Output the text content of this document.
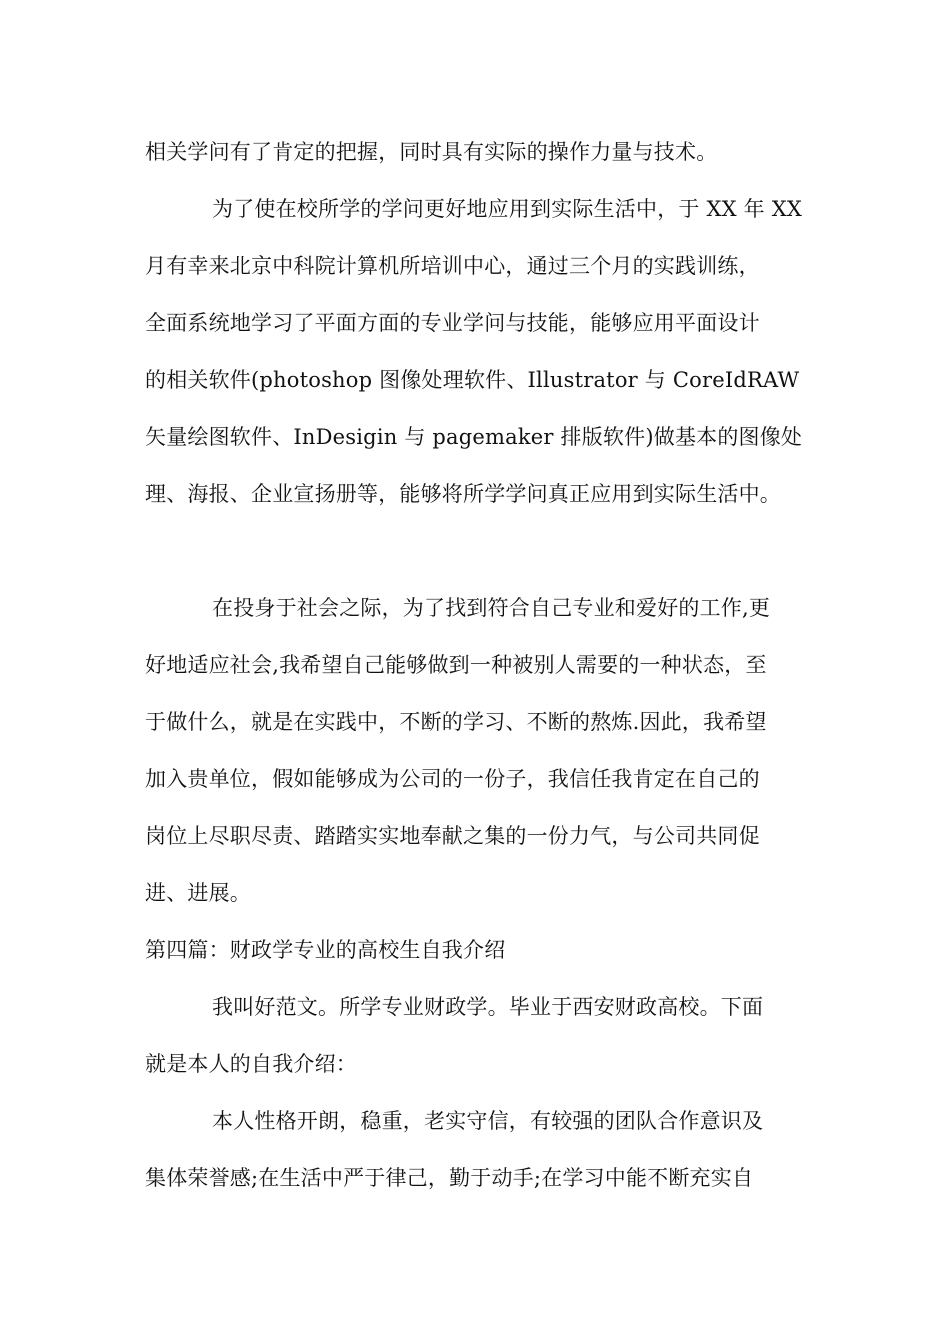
相关学问有了肯定的把握，同时具有实际的操作力量与技术。
为了使在校所学的学问更好地应用到实际生活中，于 XX 年 XX
月有幸来北京中科院计算机所培训中心，通过三个月的实践训练，
全面系统地学习了平面方面的专业学问与技能，能够应用平面设计
的相关软件(photoshop 图像处理软件、Illustrator 与 CoreIdRAW
矢量绘图软件、InDesigin 与 pagemaker 排版软件)做基本的图像处
理、海报、企业宣扬册等，能够将所学学问真正应用到实际生活中。
在投身于社会之际，为了找到符合自己专业和爱好的工作,更
好地适应社会,我希望自己能够做到一种被别人需要的一种状态，至
于做什么，就是在实践中，不断的学习、不断的熬炼.因此，我希望
加入贵单位，假如能够成为公司的一份子，我信任我肯定在自己的
岗位上尽职尽责、踏踏实实地奉献之集的一份力气，与公司共同促
进、进展。
第四篇：财政学专业的高校生自我介绍
我叫好范文。所学专业财政学。毕业于西安财政高校。下面
就是本人的自我介绍：
本人性格开朗，稳重，老实守信，有较强的团队合作意识及
集体荣誉感;在生活中严于律己，勤于动手;在学习中能不断充实自
